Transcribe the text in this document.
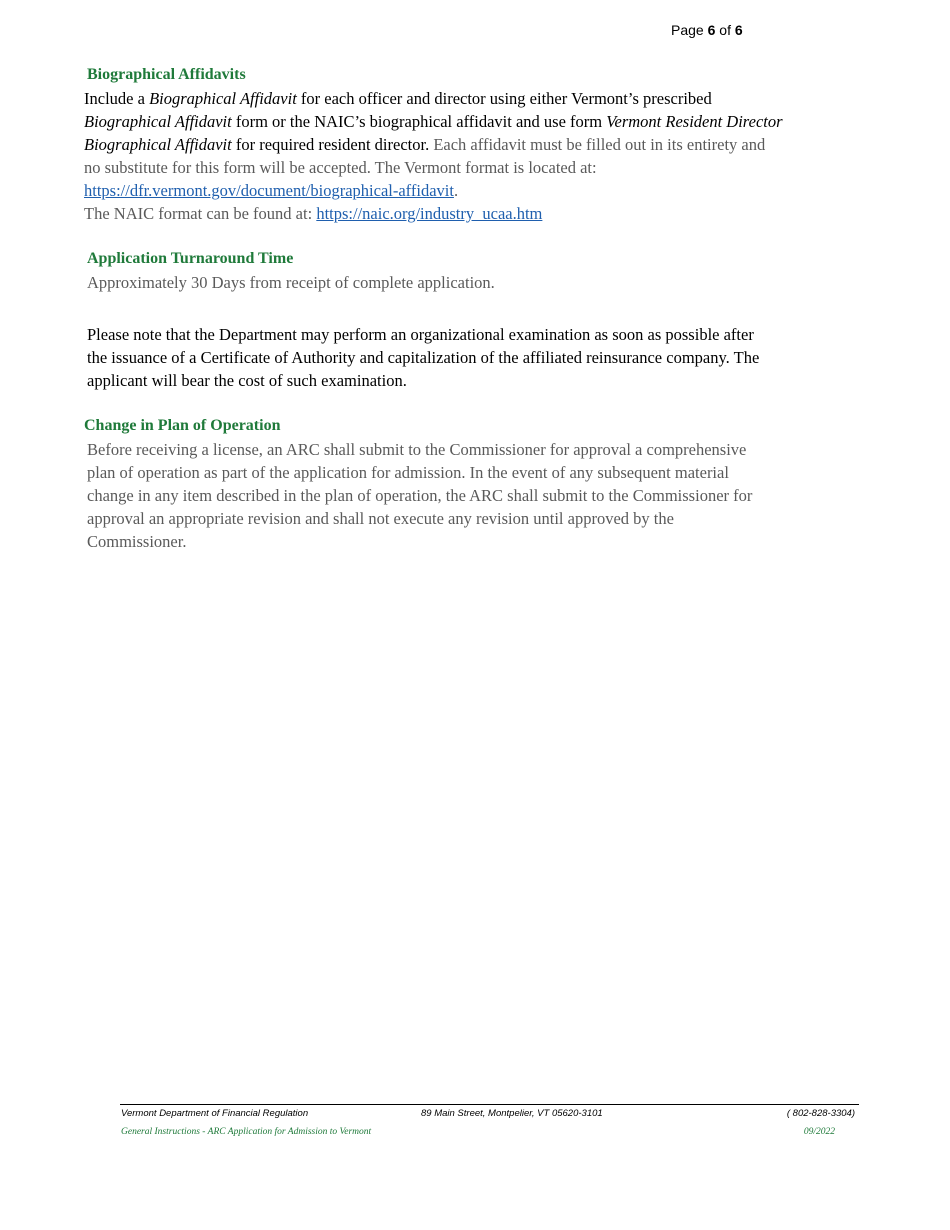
Page 6 of 6
Biographical Affidavits
Include a Biographical Affidavit for each officer and director using either Vermont’s prescribed
Biographical Affidavit form or the NAIC’s biographical affidavit and use form Vermont Resident Director
Biographical Affidavit for required resident director. Each affidavit must be filled out in its entirety and
no substitute for this form will be accepted. The Vermont format is located at:
https://dfr.vermont.gov/document/biographical-affidavit.
The NAIC format can be found at: https://naic.org/industry_ucaa.htm
Application Turnaround Time
Approximately 30 Days from receipt of complete application.
Please note that the Department may perform an organizational examination as soon as possible after
the issuance of a Certificate of Authority and capitalization of the affiliated reinsurance company. The
applicant will bear the cost of such examination.
Change in Plan of Operation
Before receiving a license, an ARC shall submit to the Commissioner for approval a comprehensive
plan of operation as part of the application for admission. In the event of any subsequent material
change in any item described in the plan of operation, the ARC shall submit to the Commissioner for
approval an appropriate revision and shall not execute any revision until approved by the
Commissioner.
Vermont Department of Financial Regulation	89 Main Street, Montpelier, VT 05620-3101	( 802-828-3304)
General Instructions - ARC Application for Admission to Vermont	09/2022
